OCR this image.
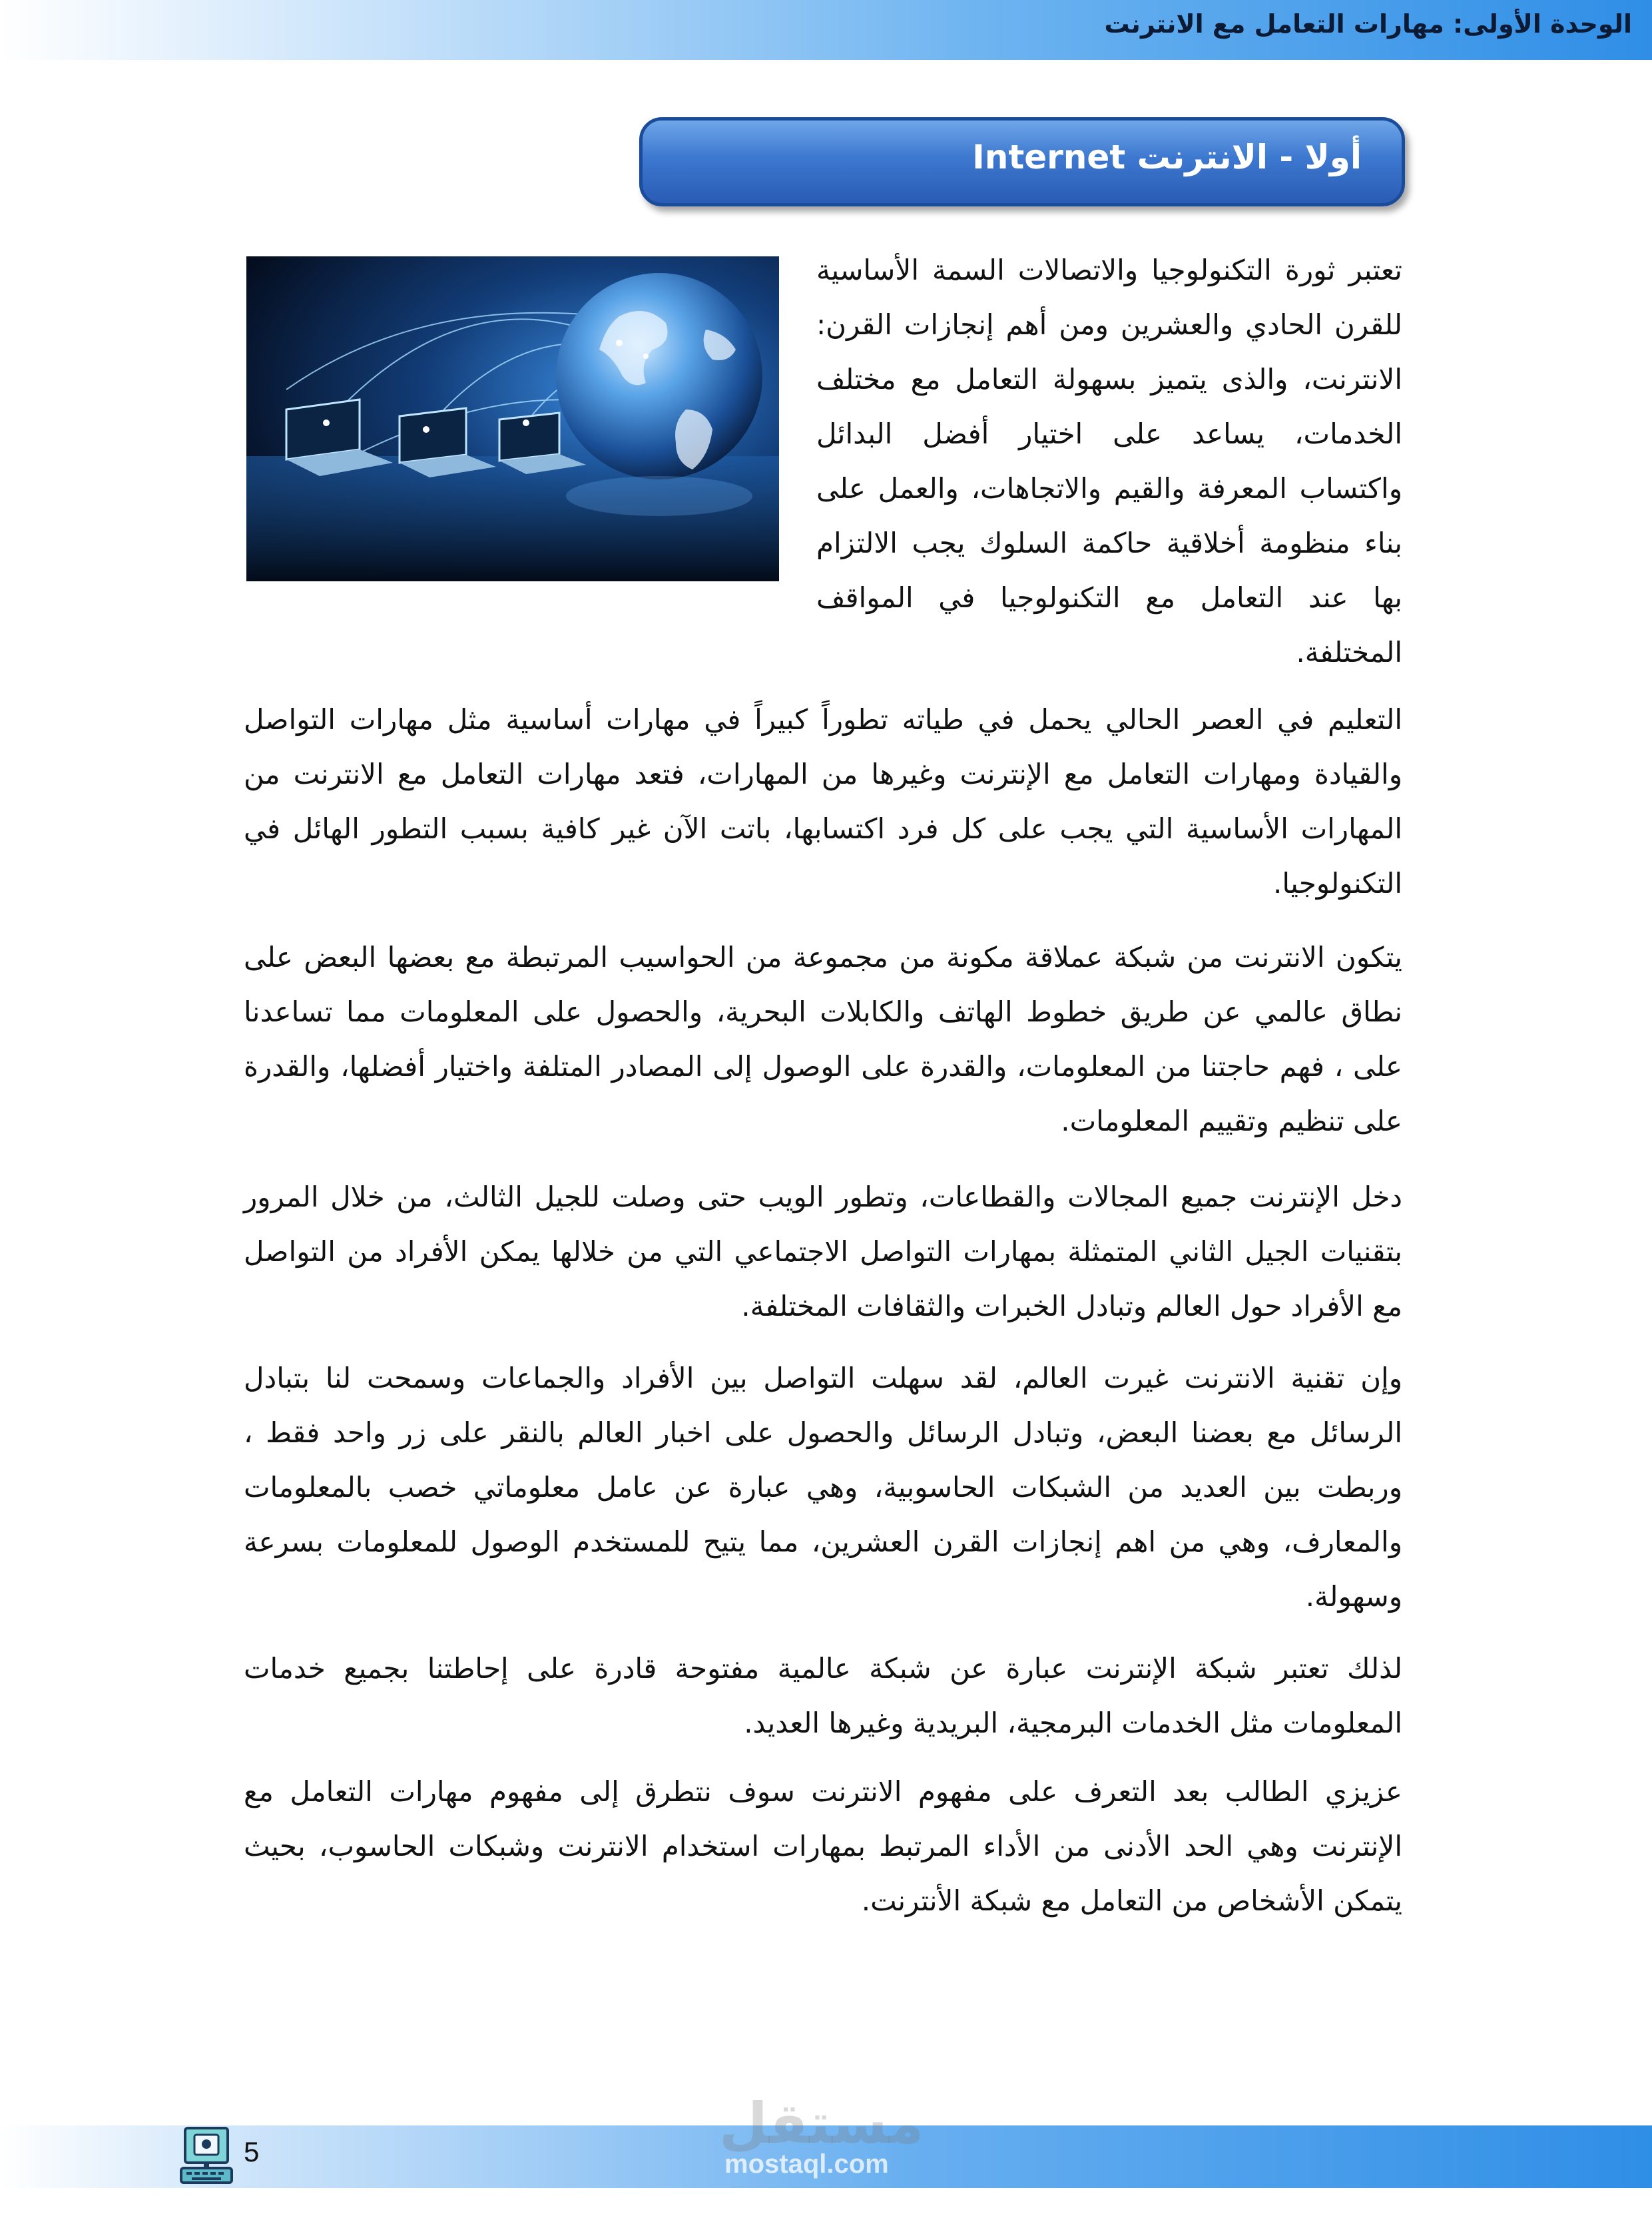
الوحدة الأولى: مهارات التعامل مع الانترنت
أولا - الانترنت Internet
تعتبر ثورة التكنولوجيا والاتصالات السمة الأساسية للقرن الحادي والعشرين ومن أهم إنجازات القرن: الانترنت، والذى يتميز بسهولة التعامل مع مختلف الخدمات، يساعد على اختيار أفضل البدائل واكتساب المعرفة والقيم والاتجاهات، والعمل على بناء منظومة أخلاقية حاكمة السلوك يجب الالتزام بها عند التعامل مع التكنولوجيا في المواقف المختلفة.
التعليم في العصر الحالي يحمل في طياته تطوراً كبيراً في مهارات أساسية مثل مهارات التواصل والقيادة ومهارات التعامل مع الإنترنت وغيرها من المهارات، فتعد مهارات التعامل مع الانترنت من المهارات الأساسية التي يجب على كل فرد اكتسابها، باتت الآن غير كافية بسبب التطور الهائل في التكنولوجيا.
يتكون الانترنت من شبكة عملاقة مكونة من مجموعة من الحواسيب المرتبطة مع بعضها البعض على نطاق عالمي عن طريق خطوط الهاتف والكابلات البحرية، والحصول على المعلومات مما تساعدنا على ، فهم حاجتنا من المعلومات، والقدرة على الوصول إلى المصادر المتلفة واختيار أفضلها، والقدرة على تنظيم وتقييم المعلومات.
دخل الإنترنت جميع المجالات والقطاعات، وتطور الويب حتى وصلت للجيل الثالث، من خلال المرور بتقنيات الجيل الثاني المتمثلة بمهارات التواصل الاجتماعي التي من خلالها يمكن الأفراد من التواصل مع الأفراد حول العالم وتبادل الخبرات والثقافات المختلفة.
وإن تقنية الانترنت غيرت العالم، لقد سهلت التواصل بين الأفراد والجماعات وسمحت لنا بتبادل الرسائل مع بعضنا البعض، وتبادل الرسائل والحصول على اخبار العالم بالنقر على زر واحد فقط ، وربطت بين العديد من الشبكات الحاسوبية، وهي عبارة عن عامل معلوماتي خصب بالمعلومات والمعارف، وهي من اهم إنجازات القرن العشرين، مما يتيح للمستخدم الوصول للمعلومات بسرعة وسهولة.
لذلك تعتبر شبكة الإنترنت عبارة عن شبكة عالمية مفتوحة قادرة على إحاطتنا بجميع خدمات المعلومات مثل الخدمات البرمجية، البريدية وغيرها العديد.
عزيزي الطالب بعد التعرف على مفهوم الانترنت سوف نتطرق إلى مفهوم مهارات التعامل مع الإنترنت وهي الحد الأدنى من الأداء المرتبط بمهارات استخدام الانترنت وشبكات الحاسوب، بحيث يتمكن الأشخاص من التعامل مع شبكة الأنترنت.
5	مستقل
mostaql.com
